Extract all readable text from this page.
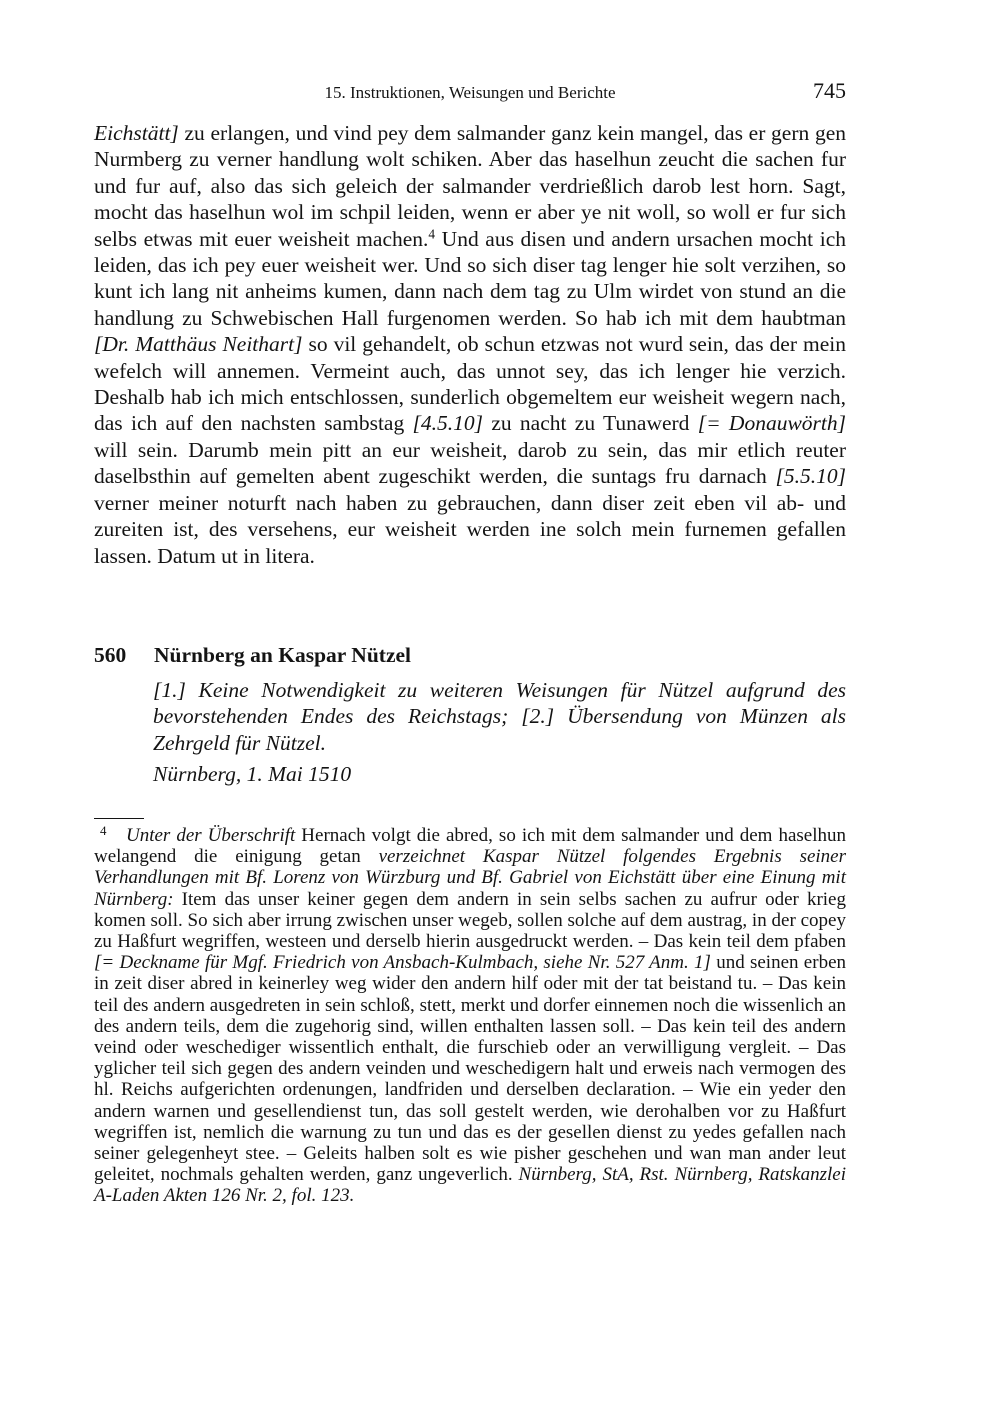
15. Instruktionen, Weisungen und Berichte	745

Eichstätt] zu erlangen, und vind pey dem salmander ganz kein mangel, das er gern gen Nurmberg zu verner handlung wolt schiken. Aber das haselhun zeucht die sachen fur und fur auf, also das sich geleich der salmander verdrießlich darob lest horn. Sagt, mocht das haselhun wol im schpil leiden, wenn er aber ye nit woll, so woll er fur sich selbs etwas mit euer weisheit machen.$^4$ Und aus disen und andern ursachen mocht ich leiden, das ich pey euer weisheit wer. Und so sich diser tag lenger hie solt verzihen, so kunt ich lang nit anheims kumen, dann nach dem tag zu Ulm wirdet von stund an die handlung zu Schwebischen Hall furgenomen werden. So hab ich mit dem haubtman [Dr. Matthäus Neithart] so vil gehandelt, ob schun etzwas not wurd sein, das der mein wefelch will annemen. Vermeint auch, das unnot sey, das ich lenger hie verzich. Deshalb hab ich mich entschlossen, sunderlich obgemeltem eur weisheit wegern nach, das ich auf den nachsten sambstag [4.5.10] zu nacht zu Tunawerd [= Donauwörth] will sein. Darumb mein pitt an eur weisheit, darob zu sein, das mir etlich reuter daselbsthin auf gemelten abent zugeschikt werden, die suntags fru darnach [5.5.10] verner meiner noturft nach haben zu gebrauchen, dann diser zeit eben vil ab- und zureiten ist, des versehens, eur weisheit werden ine solch mein furnemen gefallen lassen. Datum ut in litera.

560 Nürnberg an Kaspar Nützel

[1.] Keine Notwendigkeit zu weiteren Weisungen für Nützel aufgrund des bevorstehenden Endes des Reichstags; [2.] Übersendung von Münzen als Zehrgeld für Nützel.

Nürnberg, 1. Mai 1510

4 Unter der Überschrift Hernach volgt die abred, so ich mit dem salmander und dem haselhun welangend die einigung getan verzeichnet Kaspar Nützel folgendes Ergebnis seiner Verhandlungen mit Bf. Lorenz von Würzburg und Bf. Gabriel von Eichstätt über eine Einung mit Nürnberg: Item das unser keiner gegen dem andern in sein selbs sachen zu aufrur oder krieg komen soll. So sich aber irrung zwischen unser wegeb, sollen solche auf dem austrag, in der copey zu Haßfurt wegriffen, westeen und derselb hierin ausgedruckt werden. – Das kein teil dem pfaben [= Deckname für Mgf. Friedrich von Ansbach-Kulmbach, siehe Nr. 527 Anm. 1] und seinen erben in zeit diser abred in keinerley weg wider den andern hilf oder mit der tat beistand tu. – Das kein teil des andern ausgedreten in sein schloß, stett, merkt und dorfer einnemen noch die wissenlich an des andern teils, dem die zugehorig sind, willen enthalten lassen soll. – Das kein teil des andern veind oder weschediger wissentlich enthalt, die furschieb oder an verwilligung vergleit. – Das yglicher teil sich gegen des andern veinden und weschedigern halt und erweis nach vermogen des hl. Reichs aufgerichten ordenungen, landfriden und derselben declaration. – Wie ein yeder den andern warnen und gesellendienst tun, das soll gestelt werden, wie derohalben vor zu Haßfurt wegriffen ist, nemlich die warnung zu tun und das es der gesellen dienst zu yedes gefallen nach seiner gelegenheyt stee. – Geleits halben solt es wie pisher geschehen und wan man ander leut geleitet, nochmals gehalten werden, ganz ungeverlich. Nürnberg, StA, Rst. Nürnberg, Ratskanzlei A-Laden Akten 126 Nr. 2, fol. 123.
